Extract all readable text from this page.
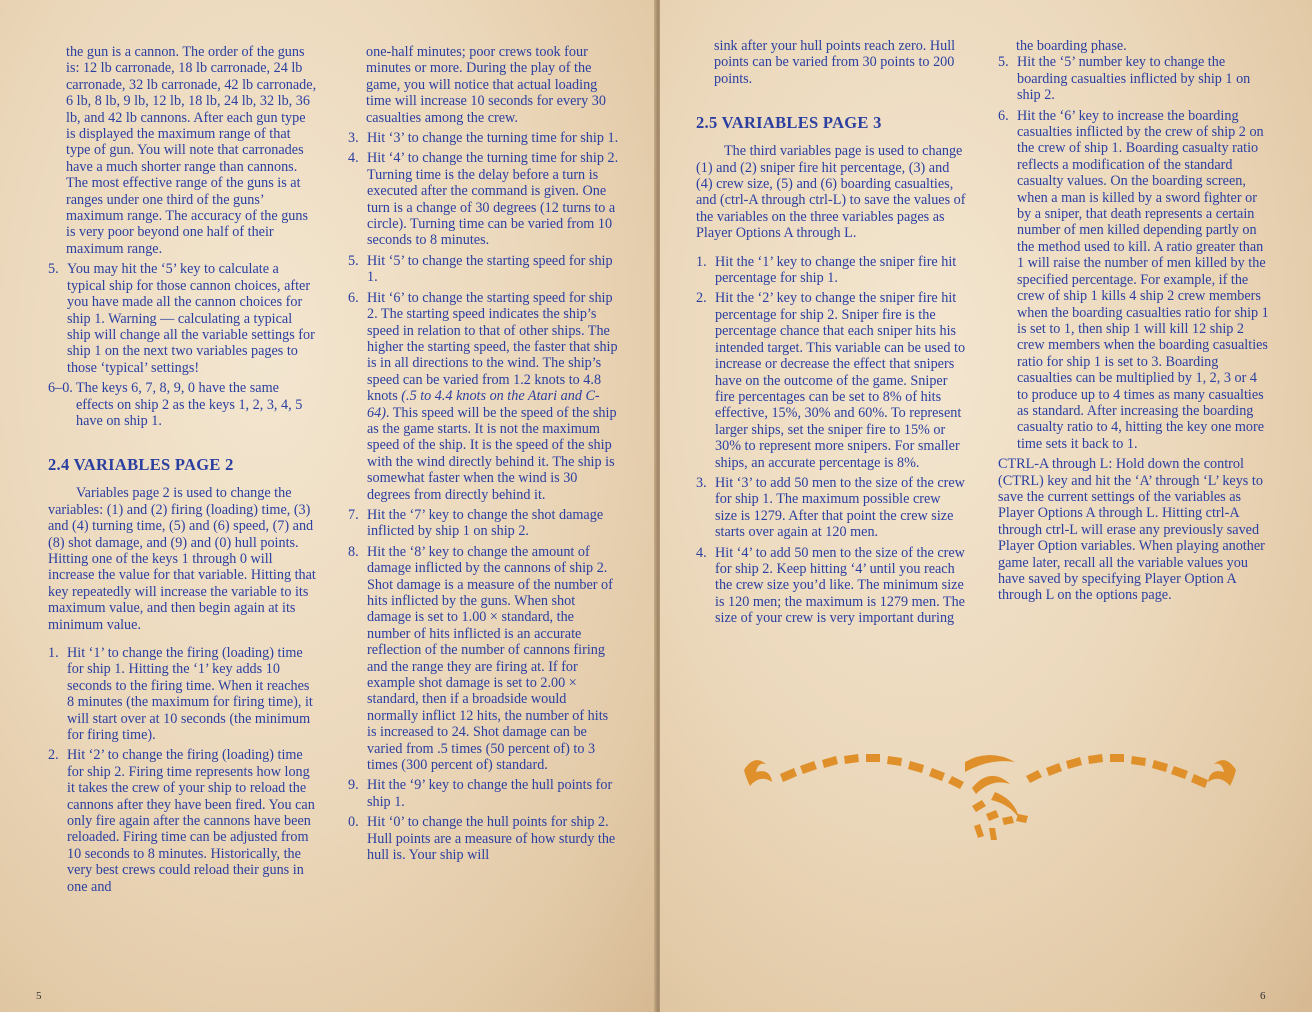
the gun is a cannon. The order of the guns is: 12 lb carronade, 18 lb carronade, 24 lb carronade, 32 lb carronade, 42 lb carronade, 6 lb, 8 lb, 9 lb, 12 lb, 18 lb, 24 lb, 32 lb, 36 lb, and 42 lb cannons. After each gun type is displayed the maximum range of that type of gun. You will note that carronades have a much shorter range than cannons. The most effective range of the guns is at ranges under one third of the guns’ maximum range. The accuracy of the guns is very poor beyond one half of their maximum range.

5. You may hit the ‘5’ key to calculate a typical ship for those cannon choices, after you have made all the cannon choices for ship 1. Warning — calculating a typical ship will change all the variable settings for ship 1 on the next two variables pages to those ‘typical’ settings!
6–0. The keys 6, 7, 8, 9, 0 have the same effects on ship 2 as the keys 1, 2, 3, 4, 5 have on ship 1.
2.4 VARIABLES PAGE 2

Variables page 2 is used to change the variables: (1) and (2) firing (loading) time, (3) and (4) turning time, (5) and (6) speed, (7) and (8) shot damage, and (9) and (0) hull points. Hitting one of the keys 1 through 0 will increase the value for that variable. Hitting that key repeatedly will increase the variable to its maximum value, and then begin again at its minimum value.

1. Hit ‘1’ to change the firing (loading) time for ship 1. Hitting the ‘1’ key adds 10 seconds to the firing time. When it reaches 8 minutes (the maximum for firing time), it will start over at 10 seconds (the minimum for firing time).
2. Hit ‘2’ to change the firing (loading) time for ship 2. Firing time represents how long it takes the crew of your ship to reload the cannons after they have been fired. You can only fire again after the cannons have been reloaded. Firing time can be adjusted from 10 seconds to 8 minutes. Historically, the very best crews could reload their guns in one and

one-half minutes; poor crews took four minutes or more. During the play of the game, you will notice that actual loading time will increase 10 seconds for every 30 casualties among the crew.

3. Hit ‘3’ to change the turning time for ship 1.
4. Hit ‘4’ to change the turning time for ship 2. Turning time is the delay before a turn is executed after the command is given. One turn is a change of 30 degrees (12 turns to a circle). Turning time can be varied from 10 seconds to 8 minutes.
5. Hit ‘5’ to change the starting speed for ship 1.
6. Hit ‘6’ to change the starting speed for ship 2. The starting speed indicates the ship’s speed in relation to that of other ships. The higher the starting speed, the faster that ship is in all directions to the wind. The ship’s speed can be varied from 1.2 knots to 4.8 knots (.5 to 4.4 knots on the Atari and C-64). This speed will be the speed of the ship as the game starts. It is not the maximum speed of the ship. It is the speed of the ship with the wind directly behind it. The ship is somewhat faster when the wind is 30 degrees from directly behind it.
7. Hit the ‘7’ key to change the shot damage inflicted by ship 1 on ship 2.
8. Hit the ‘8’ key to change the amount of damage inflicted by the cannons of ship 2. Shot damage is a measure of the number of hits inflicted by the guns. When shot damage is set to 1.00 × standard, the number of hits inflicted is an accurate reflection of the number of cannons firing and the range they are firing at. If for example shot damage is set to 2.00 × standard, then if a broadside would normally inflict 12 hits, the number of hits is increased to 24. Shot damage can be varied from .5 times (50 percent of) to 3 times (300 percent of) standard.
9. Hit the ‘9’ key to change the hull points for ship 1.
0. Hit ‘0’ to change the hull points for ship 2. Hull points are a measure of how sturdy the hull is. Your ship will
5

sink after your hull points reach zero. Hull points can be varied from 30 points to 200 points.

2.5 VARIABLES PAGE 3

The third variables page is used to change (1) and (2) sniper fire hit percentage, (3) and (4) crew size, (5) and (6) boarding casualties, and (ctrl-A through ctrl-L) to save the values of the variables on the three variables pages as Player Options A through L.

1. Hit the ‘1’ key to change the sniper fire hit percentage for ship 1.
2. Hit the ‘2’ key to change the sniper fire hit percentage for ship 2. Sniper fire is the percentage chance that each sniper hits his intended target. This variable can be used to increase or decrease the effect that snipers have on the outcome of the game. Sniper fire percentages can be set to 8% of hits effective, 15%, 30% and 60%. To represent larger ships, set the sniper fire to 15% or 30% to represent more snipers. For smaller ships, an accurate percentage is 8%.
3. Hit ‘3’ to add 50 men to the size of the crew for ship 1. The maximum possible crew size is 1279. After that point the crew size starts over again at 120 men.
4. Hit ‘4’ to add 50 men to the size of the crew for ship 2. Keep hitting ‘4’ until you reach the crew size you’d like. The minimum size is 120 men; the maximum is 1279 men. The size of your crew is very important during

the boarding phase.

5. Hit the ‘5’ number key to change the boarding casualties inflicted by ship 1 on ship 2.
6. Hit the ‘6’ key to increase the boarding casualties inflicted by the crew of ship 2 on the crew of ship 1. Boarding casualty ratio reflects a modification of the standard casualty values. On the boarding screen, when a man is killed by a sword fighter or by a sniper, that death represents a certain number of men killed depending partly on the method used to kill. A ratio greater than 1 will raise the number of men killed by the specified percentage. For example, if the crew of ship 1 kills 4 ship 2 crew members when the boarding casualties ratio for ship 1 is set to 1, then ship 1 will kill 12 ship 2 crew members when the boarding casualties ratio for ship 1 is set to 3. Boarding casualties can be multiplied by 1, 2, 3 or 4 to produce up to 4 times as many casualties as standard. After increasing the boarding casualty ratio to 4, hitting the key one more time sets it back to 1.

CTRL-A through L: Hold down the control (CTRL) key and hit the ‘A’ through ‘L’ keys to save the current settings of the variables as Player Options A through L. Hitting ctrl-A through ctrl-L will erase any previously saved Player Option variables. When playing another game later, recall all the variable values you have saved by specifying Player Option A through L on the options page.

6
